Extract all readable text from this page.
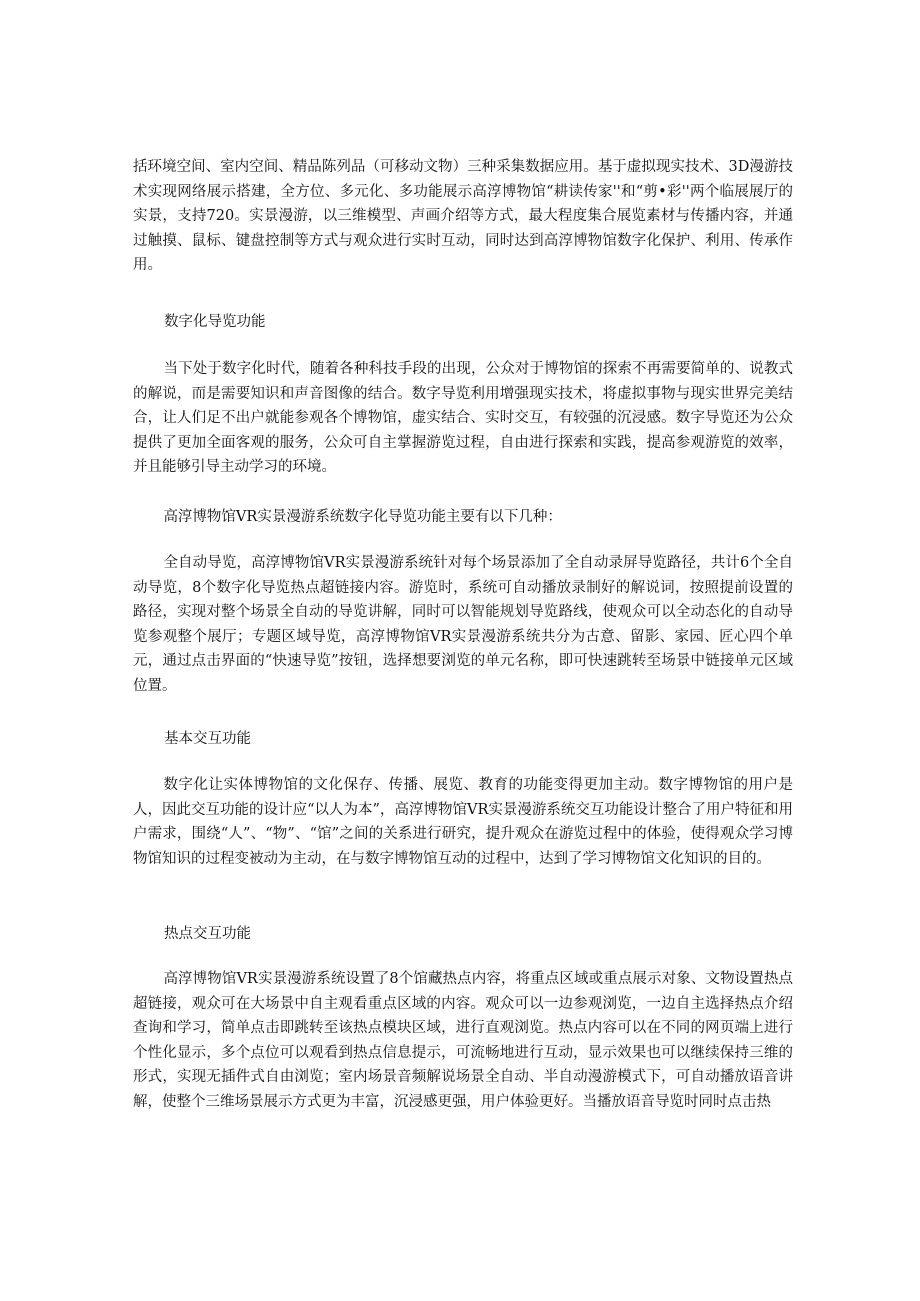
括环境空间、室内空间、精品陈列品（可移动文物）三种采集数据应用。基于虚拟现实技术、3D漫游技术实现网络展示搭建，全方位、多元化、多功能展示高淳博物馆“耕读传家''和“剪•彩''两个临展展厅的实景，支持720。实景漫游，以三维模型、声画介绍等方式，最大程度集合展览素材与传播内容，并通过触摸、鼠标、键盘控制等方式与观众进行实时互动，同时达到高淳博物馆数字化保护、利用、传承作用。

数字化导览功能

当下处于数字化时代，随着各种科技手段的出现，公众对于博物馆的探索不再需要简单的、说教式的解说，而是需要知识和声音图像的结合。数字导览利用增强现实技术，将虚拟事物与现实世界完美结合，让人们足不出户就能参观各个博物馆，虚实结合、实时交互，有较强的沉浸感。数字导览还为公众提供了更加全面客观的服务，公众可自主掌握游览过程，自由进行探索和实践，提高参观游览的效率，并且能够引导主动学习的环境。

高淳博物馆VR实景漫游系统数字化导览功能主要有以下几种：

全自动导览，高淳博物馆VR实景漫游系统针对每个场景添加了全自动录屏导览路径，共计6个全自动导览，8个数字化导览热点超链接内容。游览时，系统可自动播放录制好的解说词，按照提前设置的路径，实现对整个场景全自动的导览讲解，同时可以智能规划导览路线，使观众可以全动态化的自动导览参观整个展厅；专题区域导览，高淳博物馆VR实景漫游系统共分为古意、留影、家园、匠心四个单元，通过点击界面的“快速导览”按钮，选择想要浏览的单元名称，即可快速跳转至场景中链接单元区域位置。

基本交互功能

数字化让实体博物馆的文化保存、传播、展览、教育的功能变得更加主动。数字博物馆的用户是人，因此交互功能的设计应“以人为本”，高淳博物馆VR实景漫游系统交互功能设计整合了用户特征和用户需求，围绕“人”、“物”、“馆”之间的关系进行研究，提升观众在游览过程中的体验，使得观众学习博物馆知识的过程变被动为主动，在与数字博物馆互动的过程中，达到了学习博物馆文化知识的目的。

热点交互功能

高淳博物馆VR实景漫游系统设置了8个馆藏热点内容，将重点区域或重点展示对象、文物设置热点超链接，观众可在大场景中自主观看重点区域的内容。观众可以一边参观浏览，一边自主选择热点介绍查询和学习，简单点击即跳转至该热点模块区域，进行直观浏览。热点内容可以在不同的网页端上进行个性化显示，多个点位可以观看到热点信息提示，可流畅地进行互动，显示效果也可以继续保持三维的形式，实现无插件式自由浏览；室内场景音频解说场景全自动、半自动漫游模式下，可自动播放语音讲解，使整个三维场景展示方式更为丰富，沉浸感更强，用户体验更好。当播放语音导览时同时点击热
